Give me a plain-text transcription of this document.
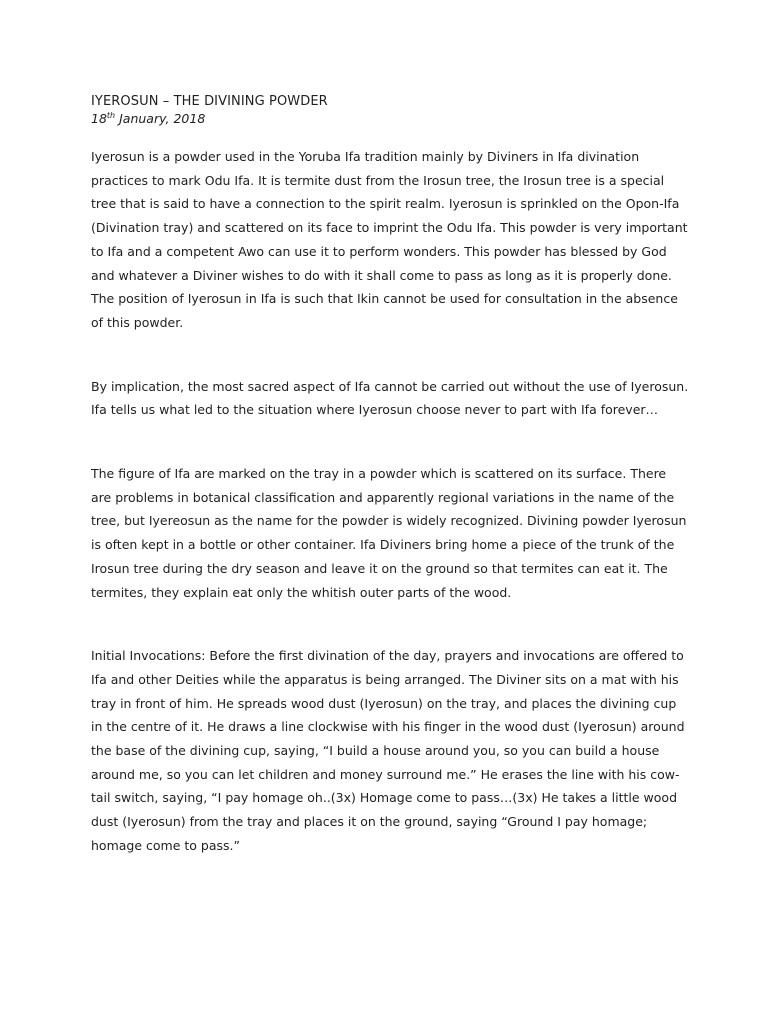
IYEROSUN – THE DIVINING POWDER

18th January, 2018

Iyerosun is a powder used in the Yoruba Ifa tradition mainly by Diviners in Ifa divination practices to mark Odu Ifa. It is termite dust from the Irosun tree, the Irosun tree is a special tree that is said to have a connection to the spirit realm. Iyerosun is sprinkled on the Opon-Ifa (Divination tray) and scattered on its face to imprint the Odu Ifa. This powder is very important to Ifa and a competent Awo can use it to perform wonders. This powder has blessed by God and whatever a Diviner wishes to do with it shall come to pass as long as it is properly done. The position of Iyerosun in Ifa is such that Ikin cannot be used for consultation in the absence of this powder.

By implication, the most sacred aspect of Ifa cannot be carried out without the use of Iyerosun. Ifa tells us what led to the situation where Iyerosun choose never to part with Ifa forever…

The figure of Ifa are marked on the tray in a powder which is scattered on its surface. There are problems in botanical classification and apparently regional variations in the name of the tree, but Iyereosun as the name for the powder is widely recognized. Divining powder Iyerosun is often kept in a bottle or other container. Ifa Diviners bring home a piece of the trunk of the Irosun tree during the dry season and leave it on the ground so that termites can eat it. The termites, they explain eat only the whitish outer parts of the wood.

Initial Invocations: Before the first divination of the day, prayers and invocations are offered to Ifa and other Deities while the apparatus is being arranged. The Diviner sits on a mat with his tray in front of him. He spreads wood dust (Iyerosun) on the tray, and places the divining cup in the centre of it. He draws a line clockwise with his finger in the wood dust (Iyerosun) around the base of the divining cup, saying, “I build a house around you, so you can build a house around me, so you can let children and money surround me.” He erases the line with his cow-tail switch, saying, “I pay homage oh..(3x) Homage come to pass…(3x) He takes a little wood dust (Iyerosun) from the tray and places it on the ground, saying “Ground I pay homage; homage come to pass.”
